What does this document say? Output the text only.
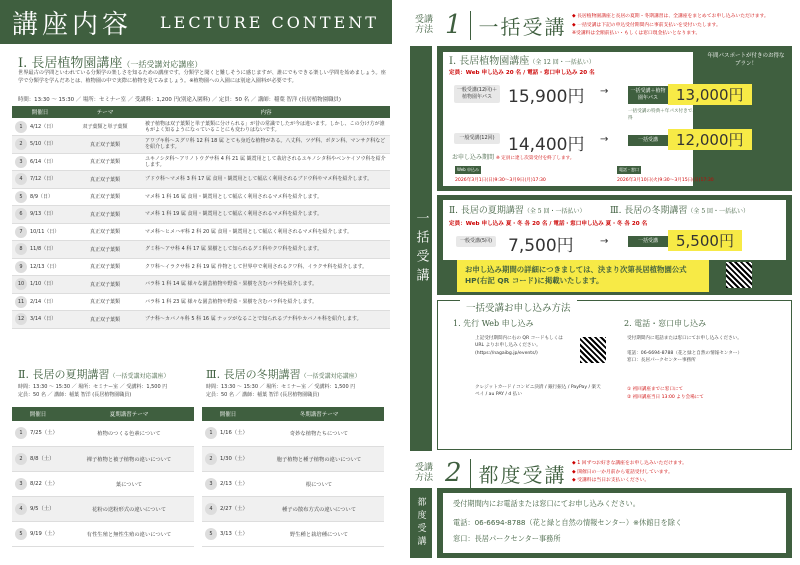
講座内容 LECTURE CONTENT
Ⅰ. 長居植物園講座（一括受講対応講座）
世界最古の学問といわれている分類学の楽しさを知るための講座です。分類学と聞くと難しそうに感じますが、誰にでもできる楽しい学問を始めましょう。座学で分類学を学んだあとは、植物園の中で実際に植物を見てみましょう。※植物園への入園には別途入園料が必要です。
時間：13:30 〜 15:30 ／ 場所：セミナー室 ／ 受講料：1,200 円(別途入園料) ／ 定員：50 名 ／ 講師：稲葉 智洋 (長居植物園職員)
開催日	テーマ	内容
1 4/12（日）	双子葉類と単子葉類	被子植物は双子葉類と単子葉類に分けられる」が昔の常識でしたが今は違います。しかし、この分け方が誰もがよく知るようになっていることにも変わりはないです。
2 5/10（日）	真正双子葉類	アワブキ科〜スグリ科 12 科 18 属 とても身近な植物がある。八丈科、ツゲ科、ボタン科、マンサク科などを紹介します。
3 6/14（日）	真正双子葉類	ユキノシタ科〜アリノトウグサ科 4 科 21 属 観賞用として栽培されるユキノシタ科やベンケイソウ科を紹介します。
4 7/12（日）	真正双子葉類	ブドウ科〜マメ科 3 科 17 属 食用・観賞用として幅広く利用されるブドウ科やマメ科を紹介します。
5 8/9（日）	真正双子葉類	マメ科 1 科 16 属 食用・観賞用として幅広く利用されるマメ科を紹介します。
6 9/13（日）	真正双子葉類	マメ科 1 科 19 属 食用・観賞用として幅広く利用されるマメ科を紹介します。
7 10/11（日）	真正双子葉類	マメ科〜ヒメハギ科 2 科 20 属 食用・観賞用として幅広く利用されるマメ科を紹介します。
8 11/8（日）	真正双子葉類	グミ科〜アサ科 4 科 17 属 果樹として知られるグミ科やクワ科を紹介します。
9 12/13（日）	真正双子葉類	クワ科〜イラクサ科 2 科 19 属 作物として世界中で利用されるクワ科、イラクサ科を紹介します。
10 1/10（日）	真正双子葉類	バラ科 1 科 14 属 様々な園芸植物や野菜・果樹を含むバラ科を紹介します。
11 2/14（日）	真正双子葉類	バラ科 1 科 23 属 様々な園芸植物や野菜・果樹を含むバラ科を紹介します。
12 3/14（日）	真正双子葉類	ブナ科〜カバノキ科 5 科 16 属 ナッツがなることで知られるブナ科やカバノキ科を紹介します。
Ⅱ. 長居の夏期講習（一括受講対応講座）
時間：13:30 〜 15:30 ／ 場所：セミナー室 ／ 受講料：1,500 円
定員：50 名 ／ 講師：稲葉 智洋 (長居植物園職員)
開催日	夏期講習テーマ
1 7/25（土）	植物のつくる色素について
2 8/8（土）	裸子植物と被子植物の違いについて
3 8/22（土）	葉について
4 9/5（土）	花粉の送粉形式の違いについて
5 9/19（土）	有性生殖と無性生殖の違いについて
Ⅲ. 長居の冬期講習（一括受講対応講座）
時間：13:30 〜 15:30 ／ 場所：セミナー室 ／ 受講料：1,500 円
定員：50 名 ／ 講師：稲葉 智洋 (長居植物園職員)
開催日	冬期講習テーマ
1 1/16（土）	奇妙な植物たちについて
2 1/30（土）	胞子植物と種子植物の違いについて
3 2/13（土）	根について
4 2/27（土）	種子の散布方式の違いについて
5 3/13（土）	野生種と栽培種について
受講方法 1 一括受講 ◆ 長居植物園講座と長居の夏期・冬期講習は、全講座をまとめてお申し込みいただけます。
◆ 一括受講は下記の申込受付期間内に事前支払いを受付いたします。
※受講料は全額前払い・もしくは窓口現金払いとなります。
一括受講
Ⅰ. 長居植物園講座（全 12 回・一括払い）
定員：Web 申し込み 20 名 / 電話・窓口申し込み 20 名
一般受講(12回)＋植物園年パス 15,900円 →	一括受講＋植物園年パス	13,000円
一括受講の特典＋年パス付きでお得
一般受講(12回) 14,400円 →	一括受講	12,000円
お申し込み期間 ※ 定員に達し次第受付を終了します。
Web 申込み	電話・窓口
2026年3月1日(日)9:30〜3月9日(月)17:30	2026年3月10日(火)9:30〜3月15日(日)17:30
年間パスポートが付きのお得なプラン！
Ⅱ. 長居の夏期講習（全 5 回・一括払い）	Ⅲ. 長居の冬期講習（全 5 回・一括払い）
定員：Web 申し込み 夏・冬 各 20 名 / 電話・窓口申し込み 夏・冬 各 20 名
一般受講(5回) 7,500円	→	一括受講	5,500円
お申し込み期間の詳細につきましては、決まり次第長居植物園公式 HP(右記 QR コード)に掲載いたします。
一括受講お申し込み方法
1. 先行 Web 申し込み
上記受付期間内に右の QR コードもしくは URL よりお申し込みください。
(https://nagaibg.jp/events/)
クレジットカード / コンビニ決済 / 銀行振込 / PayPay / 楽天ペイ / au PAY / d 払い
2. 電話・窓口申し込み
受付期間内に電話または窓口にてお申し込みください。
電話：06-6694-8788（花と緑と自然の情報センター）
窓口：長居パークセンター事務所
① 初回講座までに窓口にて
② 初回講座当日 13:00 より会場にて
受講方法 2 都度受講 ◆ 1 回ずつお好きな講座をお申し込みいただけます。
◆ 開催日の一か月前から電話受付しています。
◆ 受講料は当日お支払いください。
都度受講	受付期間内にお電話または窓口にてお申し込みください。
電話：06-6694-8788（花と緑と自然の情報センター）※休館日を除く
窓口：長居パークセンター事務所
